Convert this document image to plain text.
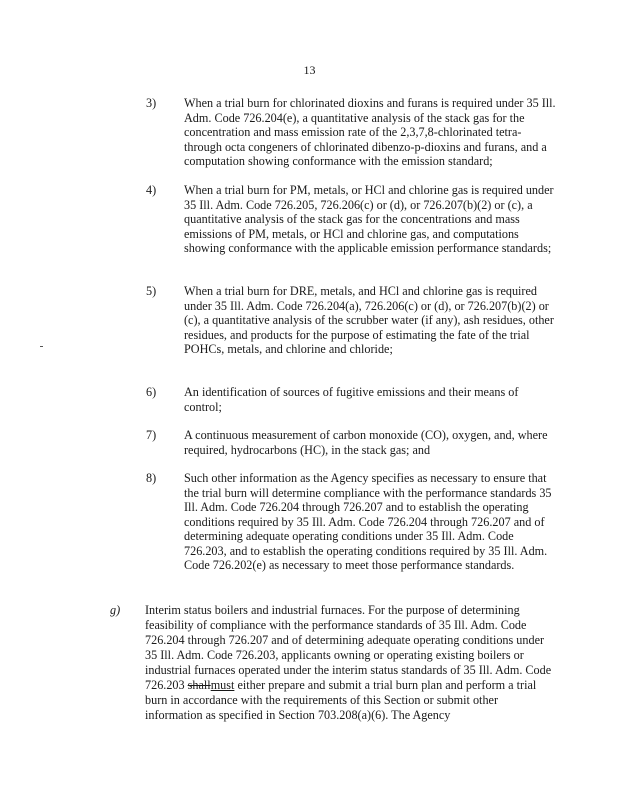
13
3) When a trial burn for chlorinated dioxins and furans is required under 35 Ill. Adm. Code 726.204(e), a quantitative analysis of the stack gas for the concentration and mass emission rate of the 2,3,7,8-chlorinated tetra-through octa congeners of chlorinated dibenzo-p-dioxins and furans, and a computation showing conformance with the emission standard;
4) When a trial burn for PM, metals, or HCl and chlorine gas is required under 35 Ill. Adm. Code 726.205, 726.206(c) or (d), or 726.207(b)(2) or (c), a quantitative analysis of the stack gas for the concentrations and mass emissions of PM, metals, or HCl and chlorine gas, and computations showing conformance with the applicable emission performance standards;
5) When a trial burn for DRE, metals, and HCl and chlorine gas is required under 35 Ill. Adm. Code 726.204(a), 726.206(c) or (d), or 726.207(b)(2) or (c), a quantitative analysis of the scrubber water (if any), ash residues, other residues, and products for the purpose of estimating the fate of the trial POHCs, metals, and chlorine and chloride;
6) An identification of sources of fugitive emissions and their means of control;
7) A continuous measurement of carbon monoxide (CO), oxygen, and, where required, hydrocarbons (HC), in the stack gas; and
8) Such other information as the Agency specifies as necessary to ensure that the trial burn will determine compliance with the performance standards 35 Ill. Adm. Code 726.204 through 726.207 and to establish the operating conditions required by 35 Ill. Adm. Code 726.204 through 726.207 and of determining adequate operating conditions under 35 Ill. Adm. Code 726.203, and to establish the operating conditions required by 35 Ill. Adm. Code 726.202(e) as necessary to meet those performance standards.
g) Interim status boilers and industrial furnaces. For the purpose of determining feasibility of compliance with the performance standards of 35 Ill. Adm. Code 726.204 through 726.207 and of determining adequate operating conditions under 35 Ill. Adm. Code 726.203, applicants owning or operating existing boilers or industrial furnaces operated under the interim status standards of 35 Ill. Adm. Code 726.203 shallmust either prepare and submit a trial burn plan and perform a trial burn in accordance with the requirements of this Section or submit other information as specified in Section 703.208(a)(6). The Agency
